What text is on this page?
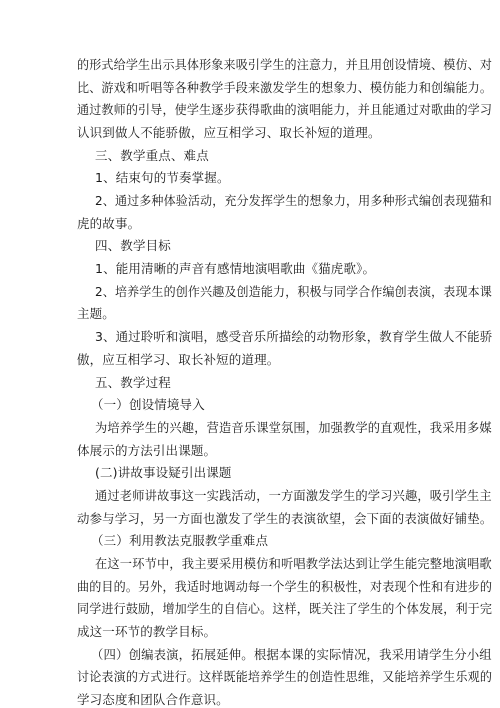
的形式给学生出示具体形象来吸引学生的注意力，并且用创设情境、模仿、对
比、游戏和听唱等各种教学手段来激发学生的想象力、模仿能力和创编能力。
通过教师的引导，使学生逐步获得歌曲的演唱能力，并且能通过对歌曲的学习
认识到做人不能骄傲，应互相学习、取长补短的道理。
三、教学重点、难点
1、结束句的节奏掌握。
2、通过多种体验活动，充分发挥学生的想象力，用多种形式编创表现猫和
虎的故事。
四、教学目标
1、能用清晰的声音有感情地演唱歌曲《猫虎歌》。
2、培养学生的创作兴趣及创造能力，积极与同学合作编创表演，表现本课
主题。
3、通过聆听和演唱，感受音乐所描绘的动物形象，教育学生做人不能骄
傲，应互相学习、取长补短的道理。
五、教学过程
（一）创设情境导入
为培养学生的兴趣，营造音乐课堂氛围，加强教学的直观性，我采用多媒
体展示的方法引出课题。
(二)讲故事设疑引出课题
通过老师讲故事这一实践活动，一方面激发学生的学习兴趣，吸引学生主
动参与学习，另一方面也激发了学生的表演欲望，会下面的表演做好铺垫。
（三）利用教法克服教学重难点
在这一环节中，我主要采用模仿和听唱教学法达到让学生能完整地演唱歌
曲的目的。另外，我适时地调动每一个学生的积极性，对表现个性和有进步的
同学进行鼓励，增加学生的自信心。这样，既关注了学生的个体发展，利于完
成这一环节的教学目标。
（四）创编表演，拓展延伸。根据本课的实际情况，我采用请学生分小组
讨论表演的方式进行。这样既能培养学生的创造性思维，又能培养学生乐观的
学习态度和团队合作意识。
